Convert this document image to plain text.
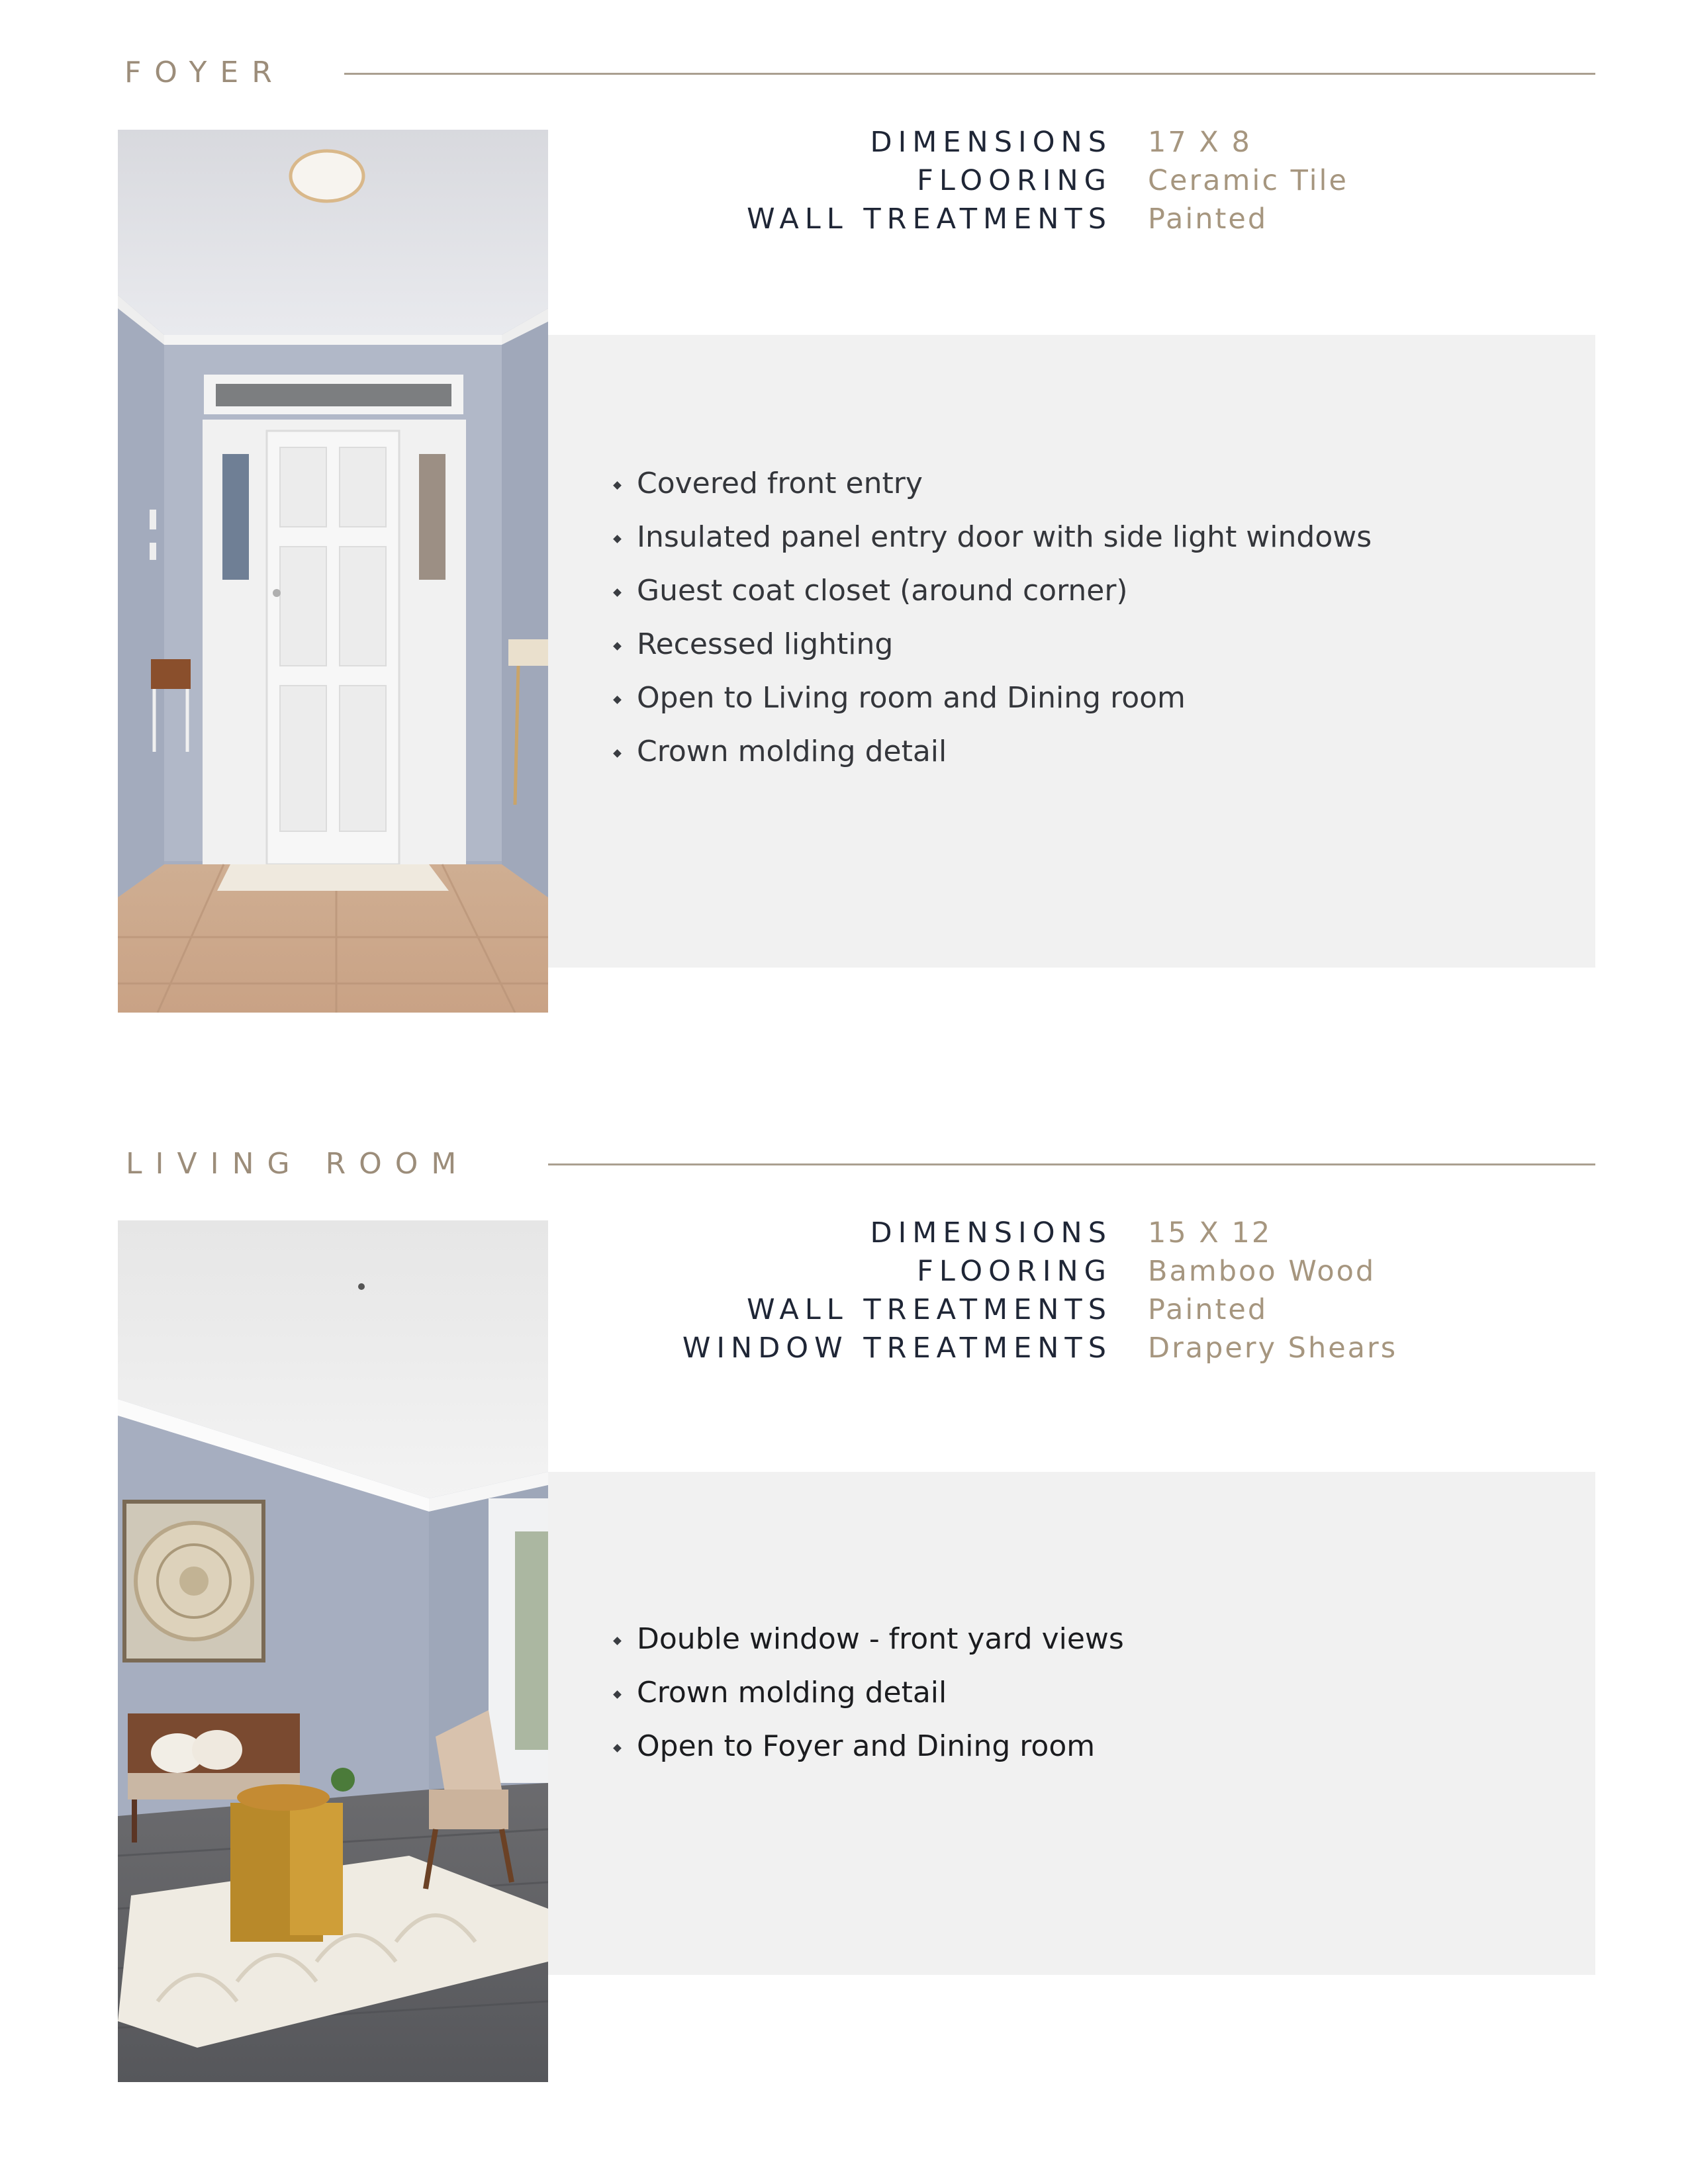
FOYER
DIMENSIONS	17 X 8
FLOORING	Ceramic Tile
WALL TREATMENTS	Painted
Covered front entry
Insulated panel entry door with side light windows
Guest coat closet (around corner)
Recessed lighting
Open to Living room and Dining room
Crown molding detail
LIVING ROOM
DIMENSIONS	15 X 12
FLOORING	Bamboo Wood
WALL TREATMENTS	Painted
WINDOW TREATMENTS	Drapery Shears
Double window - front yard views
Crown molding detail
Open to Foyer and Dining room
